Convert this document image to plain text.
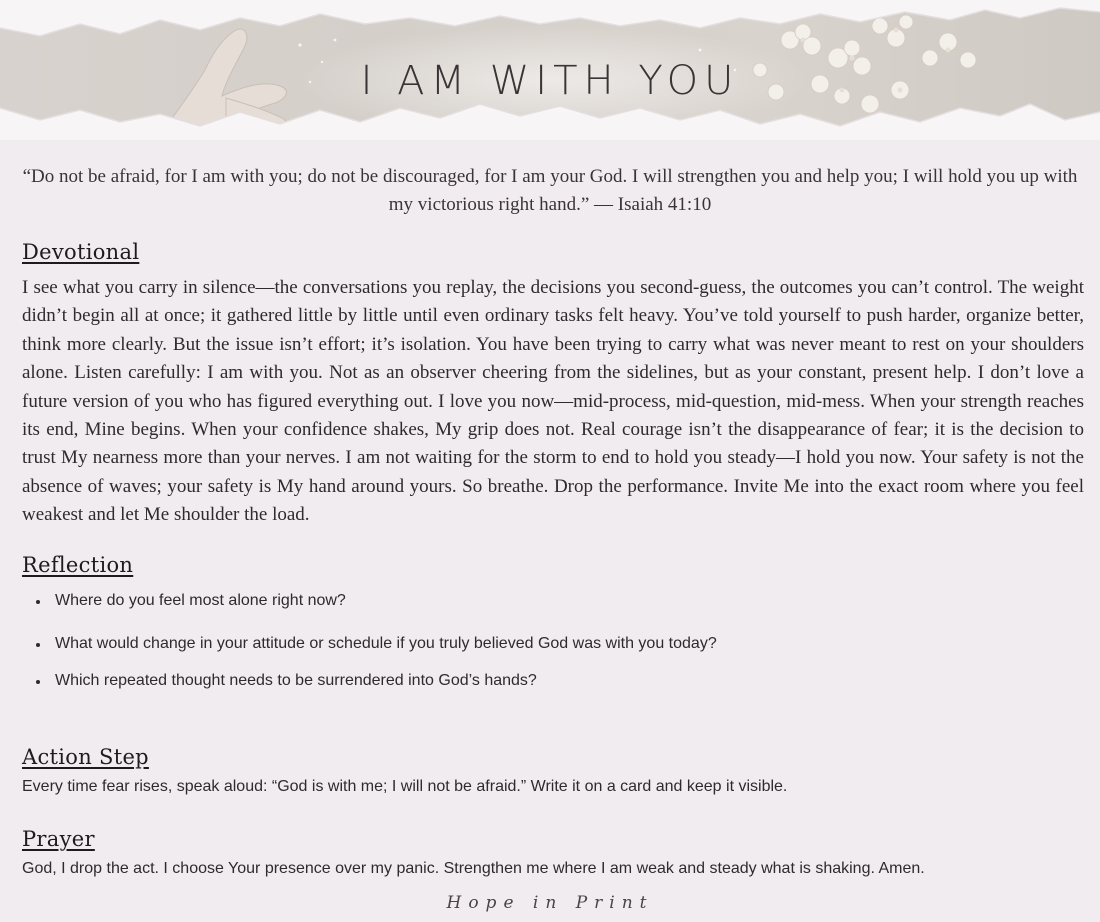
I AM WITH YOU

“Do not be afraid, for I am with you; do not be discouraged, for I am your God. I will strengthen you and help you; I will hold you up with my victorious right hand.” — Isaiah 41:10

Devotional

I see what you carry in silence—the conversations you replay, the decisions you second-guess, the outcomes you can’t control. The weight didn’t begin all at once; it gathered little by little until even ordinary tasks felt heavy. You’ve told yourself to push harder, organize better, think more clearly. But the issue isn’t effort; it’s isolation. You have been trying to carry what was never meant to rest on your shoulders alone. Listen carefully: I am with you. Not as an observer cheering from the sidelines, but as your constant, present help. I don’t love a future version of you who has figured everything out. I love you now—mid-process, mid-question, mid-mess. When your strength reaches its end, Mine begins. When your confidence shakes, My grip does not. Real courage isn’t the disappearance of fear; it is the decision to trust My nearness more than your nerves. I am not waiting for the storm to end to hold you steady—I hold you now. Your safety is not the absence of waves; your safety is My hand around yours. So breathe. Drop the performance. Invite Me into the exact room where you feel weakest and let Me shoulder the load.

Reflection
Where do you feel most alone right now?
What would change in your attitude or schedule if you truly believed God was with you today?
Which repeated thought needs to be surrendered into God’s hands?
Action Step

Every time fear rises, speak aloud: “God is with me; I will not be afraid.” Write it on a card and keep it visible.

Prayer

God, I drop the act. I choose Your presence over my panic. Strengthen me where I am weak and steady what is shaking. Amen.

Hope in Print
